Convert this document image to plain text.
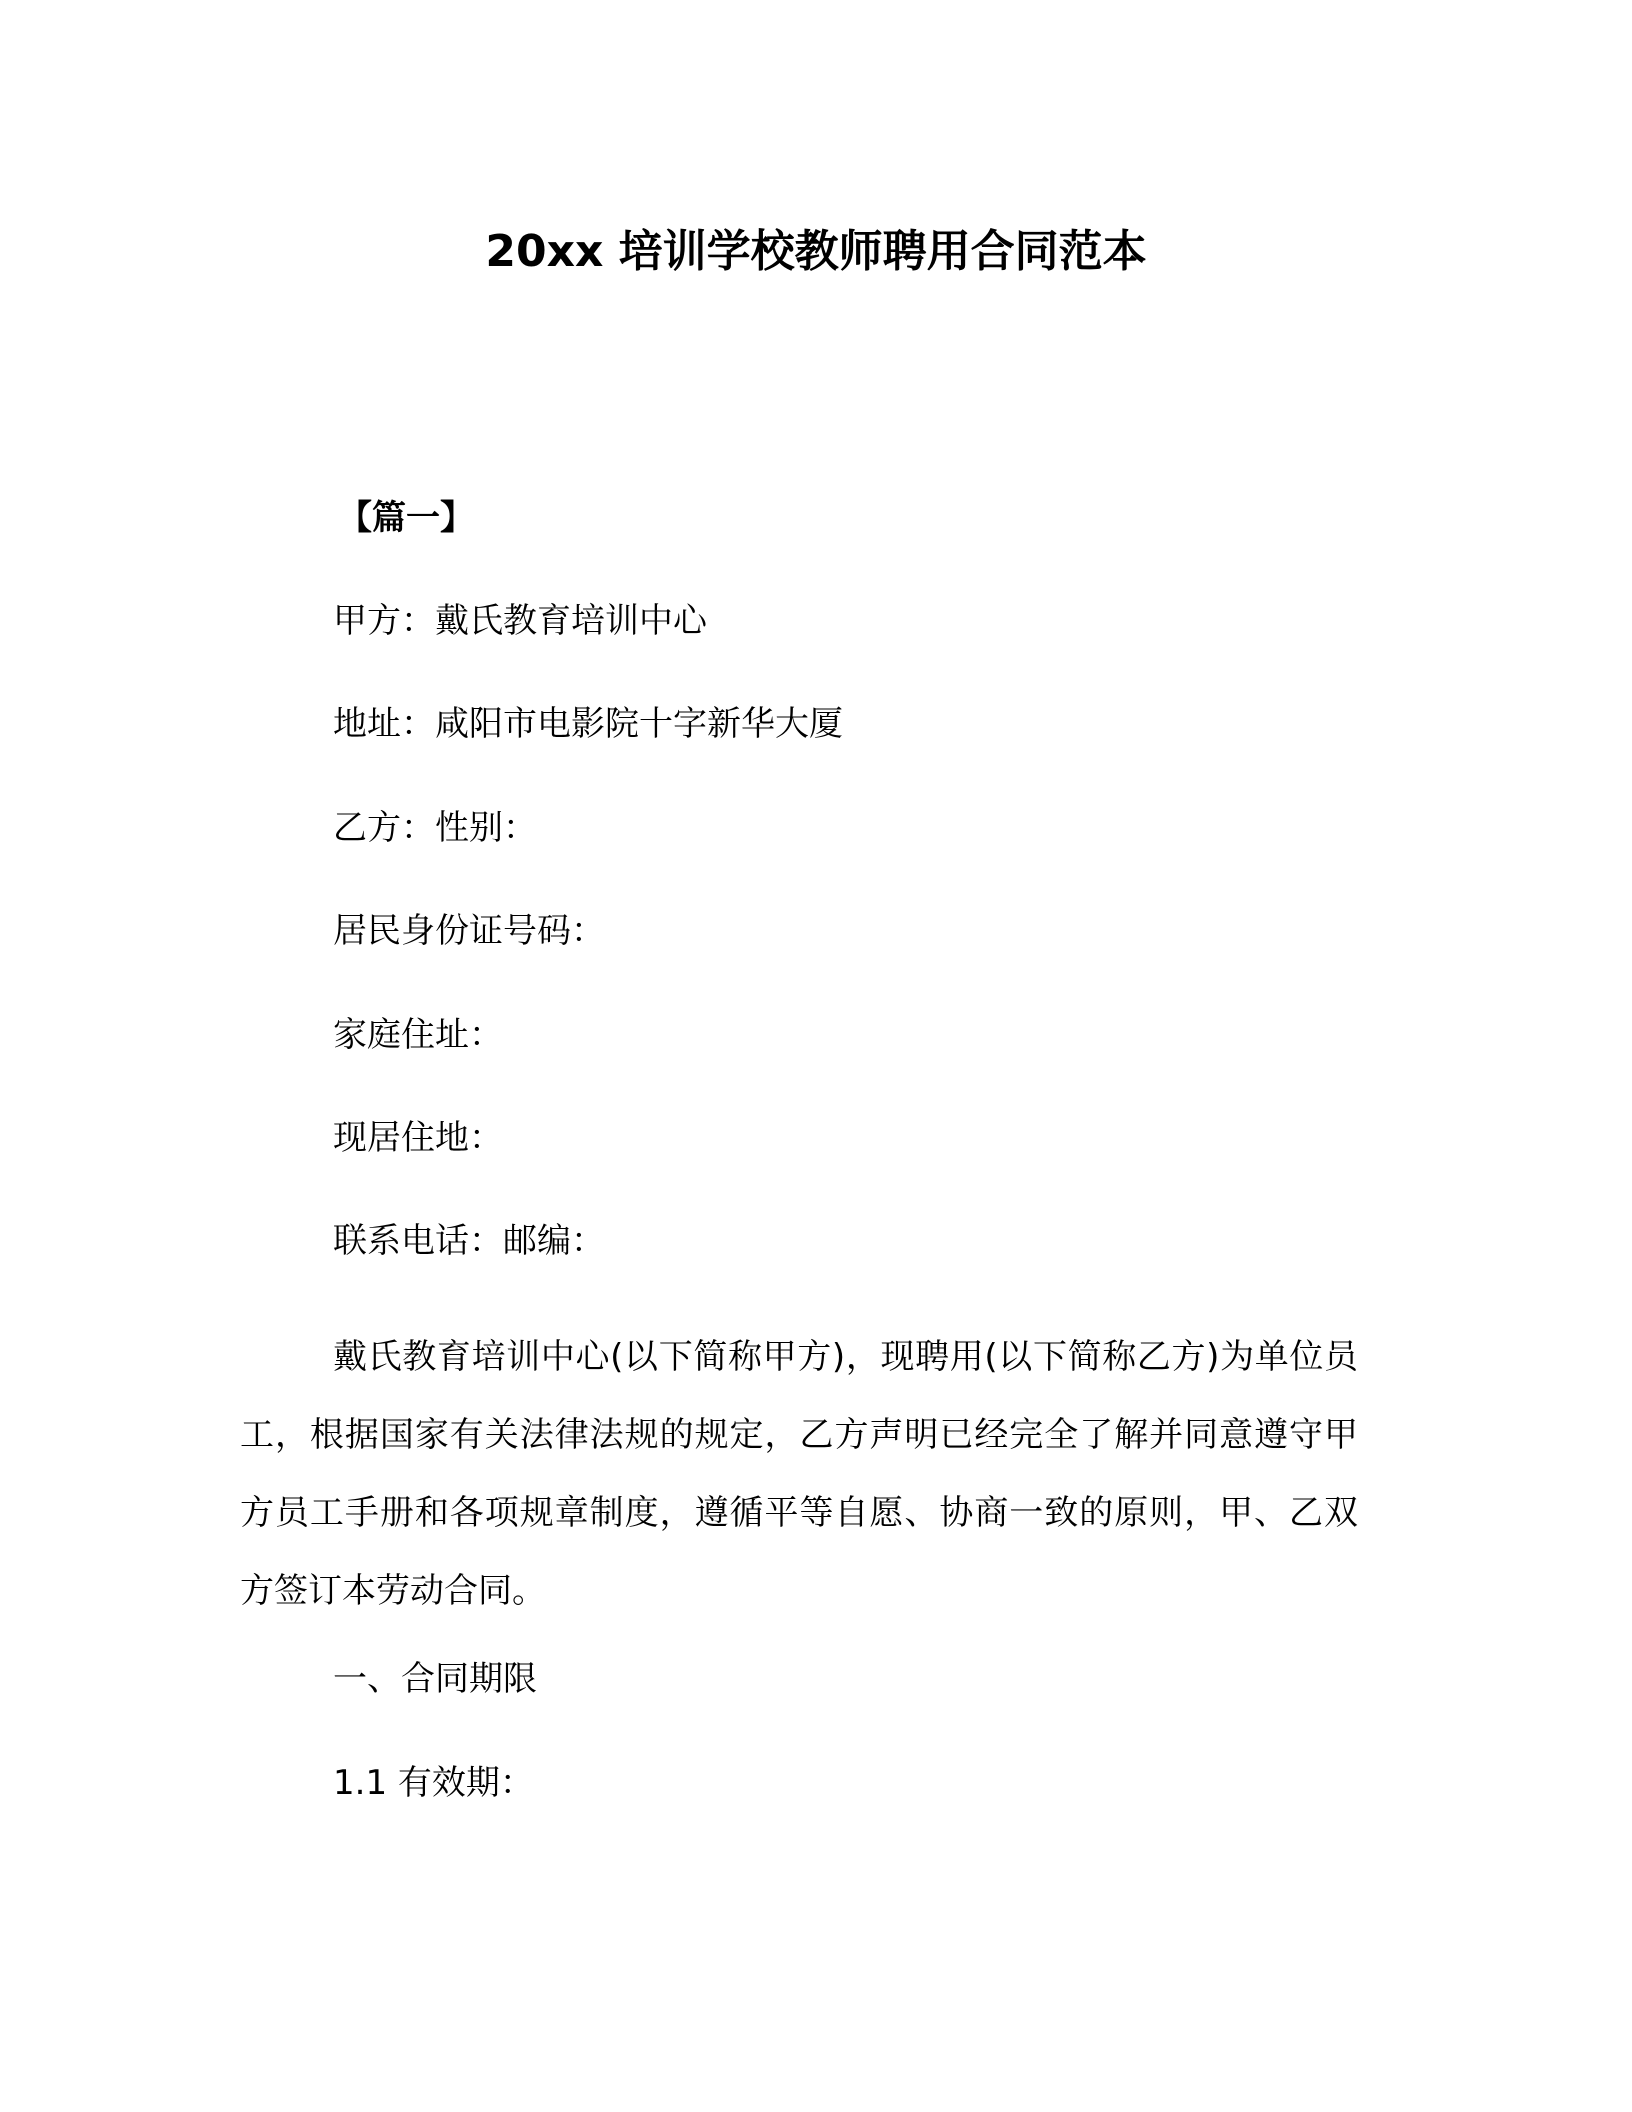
20xx 培训学校教师聘用合同范本
【篇一】
甲方：戴氏教育培训中心
地址：咸阳市电影院十字新华大厦
乙方：性别：
居民身份证号码：
家庭住址：
现居住地：
联系电话：邮编：
戴氏教育培训中心(以下简称甲方)，现聘用(以下简称乙方)为单位员工，根据国家有关法律法规的规定，乙方声明已经完全了解并同意遵守甲方员工手册和各项规章制度，遵循平等自愿、协商一致的原则，甲、乙双方签订本劳动合同。
一、合同期限
1.1 有效期：
